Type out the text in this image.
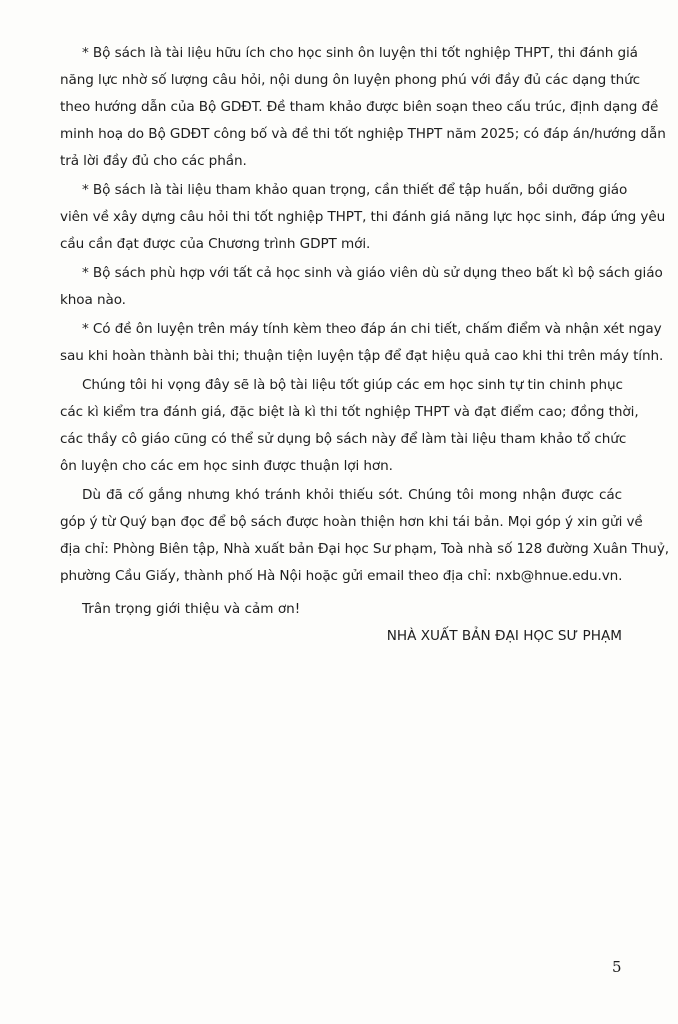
* Bộ sách là tài liệu hữu ích cho học sinh ôn luyện thi tốt nghiệp THPT, thi đánh giá
năng lực nhờ số lượng câu hỏi, nội dung ôn luyện phong phú với đầy đủ các dạng thức
theo hướng dẫn của Bộ GDĐT. Đề tham khảo được biên soạn theo cấu trúc, định dạng đề
minh hoạ do Bộ GDĐT công bố và đề thi tốt nghiệp THPT năm 2025; có đáp án/hướng dẫn
trả lời đầy đủ cho các phần.
* Bộ sách là tài liệu tham khảo quan trọng, cần thiết để tập huấn, bồi dưỡng giáo
viên về xây dựng câu hỏi thi tốt nghiệp THPT, thi đánh giá năng lực học sinh, đáp ứng yêu
cầu cần đạt được của Chương trình GDPT mới.
* Bộ sách phù hợp với tất cả học sinh và giáo viên dù sử dụng theo bất kì bộ sách giáo
khoa nào.
* Có đề ôn luyện trên máy tính kèm theo đáp án chi tiết, chấm điểm và nhận xét ngay
sau khi hoàn thành bài thi; thuận tiện luyện tập để đạt hiệu quả cao khi thi trên máy tính.
Chúng tôi hi vọng đây sẽ là bộ tài liệu tốt giúp các em học sinh tự tin chinh phục
các kì kiểm tra đánh giá, đặc biệt là kì thi tốt nghiệp THPT và đạt điểm cao; đồng thời,
các thầy cô giáo cũng có thể sử dụng bộ sách này để làm tài liệu tham khảo tổ chức
ôn luyện cho các em học sinh được thuận lợi hơn.
Dù đã cố gắng nhưng khó tránh khỏi thiếu sót. Chúng tôi mong nhận được các
góp ý từ Quý bạn đọc để bộ sách được hoàn thiện hơn khi tái bản. Mọi góp ý xin gửi về
địa chỉ: Phòng Biên tập, Nhà xuất bản Đại học Sư phạm, Toà nhà số 128 đường Xuân Thuỷ,
phường Cầu Giấy, thành phố Hà Nội hoặc gửi email theo địa chỉ: nxb@hnue.edu.vn.
Trân trọng giới thiệu và cảm ơn!
NHÀ XUẤT BẢN ĐẠI HỌC SƯ PHẠM
5
